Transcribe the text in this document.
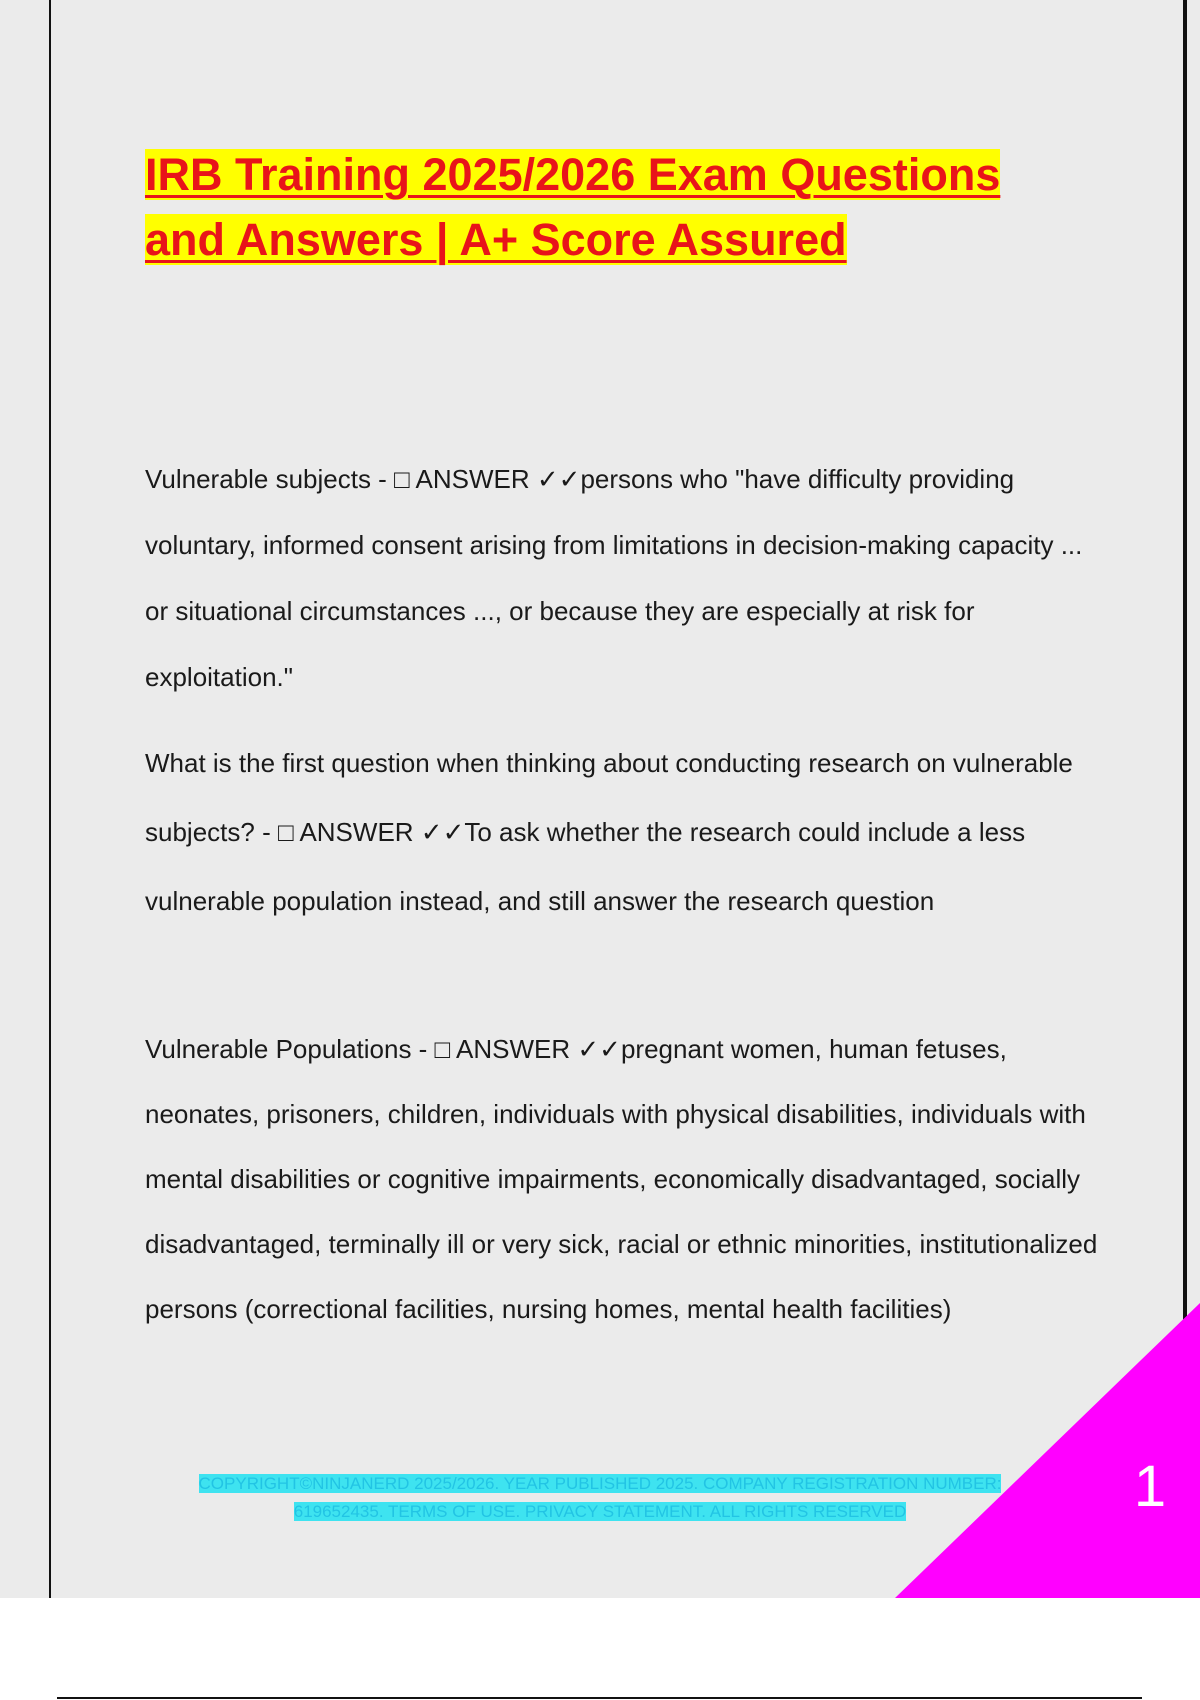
IRB Training 2025/2026 Exam Questions
and Answers | A+ Score Assured

Vulnerable subjects - □ ANSWER ✓✓persons who "have difficulty providing voluntary, informed consent arising from limitations in decision-making capacity ... or situational circumstances ..., or because they are especially at risk for exploitation."

What is the first question when thinking about conducting research on vulnerable subjects? - □ ANSWER ✓✓To ask whether the research could include a less vulnerable population instead, and still answer the research question

Vulnerable Populations - □ ANSWER ✓✓pregnant women, human fetuses, neonates, prisoners, children, individuals with physical disabilities, individuals with mental disabilities or cognitive impairments, economically disadvantaged, socially disadvantaged, terminally ill or very sick, racial or ethnic minorities, institutionalized persons (correctional facilities, nursing homes, mental health facilities)

COPYRIGHT©NINJANERD 2025/2026. YEAR PUBLISHED 2025. COMPANY REGISTRATION NUMBER:
619652435. TERMS OF USE. PRIVACY STATEMENT. ALL RIGHTS RESERVED	1
